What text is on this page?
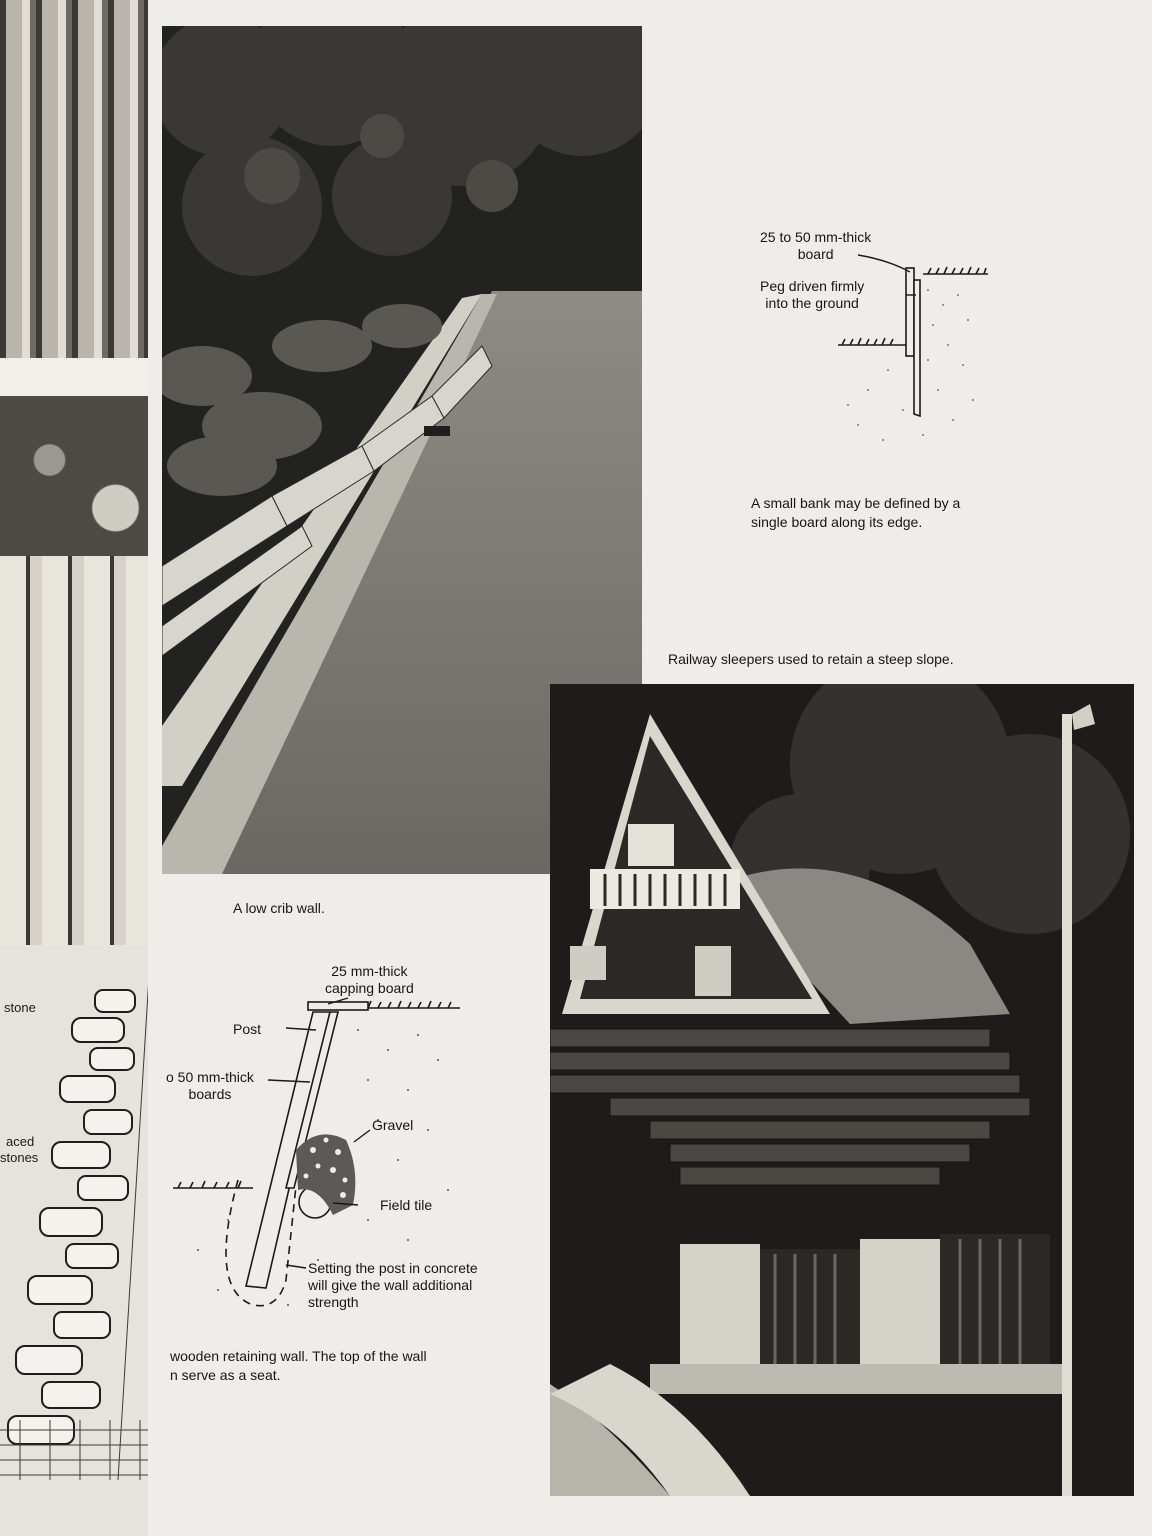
stone
aced
stones
25 to 50 mm-thick
board
Peg driven firmly
into the ground
A small bank may be defined by a
single board along its edge.
Railway sleepers used to retain a steep slope.
A low crib wall.
25 mm-thick
capping board
Post
o 50 mm-thick
boards
Gravel
Field tile
Setting the post in concrete
will give the wall additional
strength
wooden retaining wall. The top of the wall
n serve as a seat.
